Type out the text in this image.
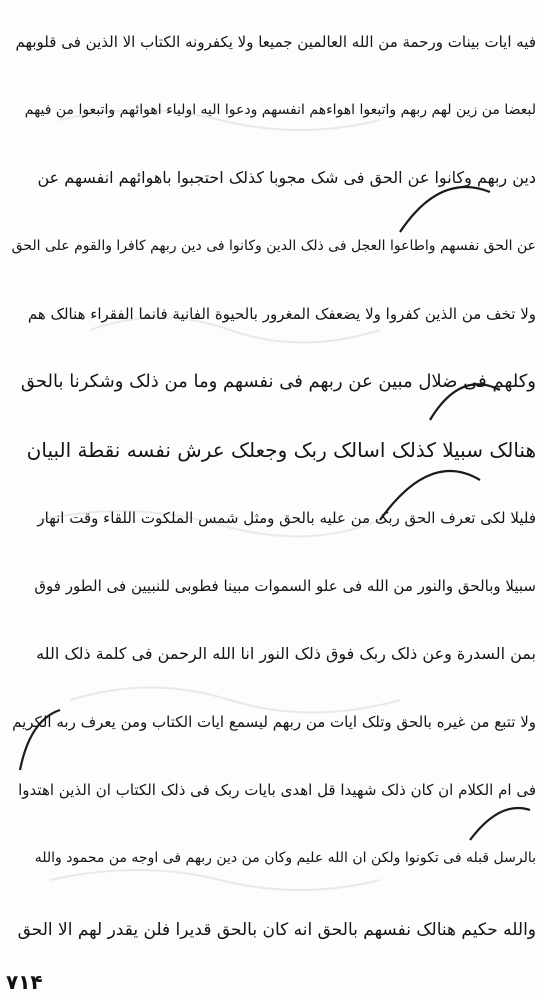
فیه ایات بینات ورحمة من الله العالمین جمیعا ولا یکفرونه الکتاب الا الذین فی قلوبهم
لبعضا من زین لهم ربهم واتبعوا اهواءهم انفسهم ودعوا الیه اولیاء اهوائهم واتبعوا من فیهم
دین ربهم وکانوا عن الحق فی شک مجوبا کذلک احتجبوا باهوائهم انفسهم عن
عن الحق نفسهم واطاعوا العجل فی ذلک الدین وکانوا فی دین ربهم کافرا والقوم علی الحق
ولا تخف من الذین کفروا ولا یضعفک المغرور بالحیوة الفانیة فانما الفقراء هنالک هم
وکلهم فی ضلال مبین عن ربهم فی نفسهم وما من ذلک وشکرنا بالحق
هنالک سبیلا کذلک اسالک ربک وجعلک عرش نفسه نقطة البیان
فلیلا لکی تعرف الحق ربک من علیه بالحق ومثل شمس الملکوت اللقاء وقت انهار
سبیلا وبالحق والنور من الله فی علو السموات مبینا فطوبی للنبیین فی الطور فوق
بمن السدرة وعن ذلک ربک فوق ذلک النور انا الله الرحمن فی کلمة ذلک الله
ولا تتبع من غیره بالحق وتلک ایات من ربهم لیسمع ایات الکتاب ومن یعرف ربه الکریم
فی ام الکلام ان کان ذلک شهیدا قل اهدی بایات ربک فی ذلک الکتاب ان الذین اهتدوا
بالرسل قبله فی تکونوا ولکن ان الله علیم وکان من دین ربهم فی اوجه من محمود والله
والله حکیم هنالک نفسهم بالحق انه کان بالحق قدیرا فلن یقدر لهم الا الحق
۷۱۴
